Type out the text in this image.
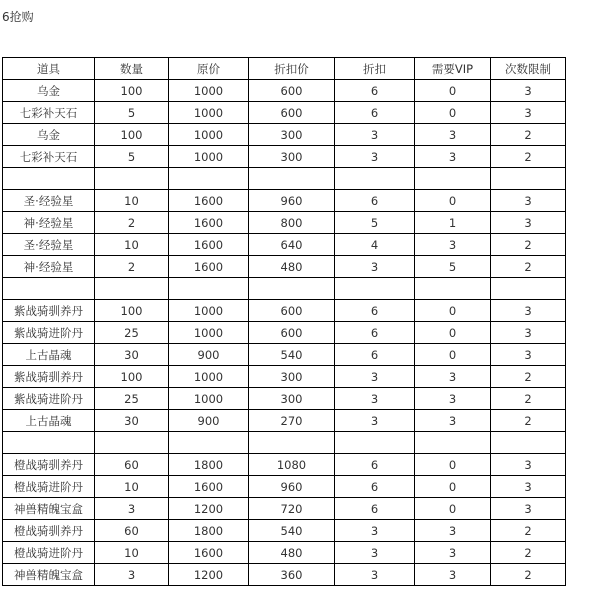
6抢购
道具	数量	原价	折扣价	折扣	需要VIP	次数限制
乌金	100	1000	600	6	0	3
七彩补天石	5	1000	600	6	0	3
乌金	100	1000	300	3	3	2
七彩补天石	5	1000	300	3	3	2

圣·经验星	10	1600	960	6	0	3
神·经验星	2	1600	800	5	1	3
圣·经验星	10	1600	640	4	3	2
神·经验星	2	1600	480	3	5	2

紫战骑驯养丹	100	1000	600	6	0	3
紫战骑进阶丹	25	1000	600	6	0	3
上古晶魂	30	900	540	6	0	3
紫战骑驯养丹	100	1000	300	3	3	2
紫战骑进阶丹	25	1000	300	3	3	2
上古晶魂	30	900	270	3	3	2

橙战骑驯养丹	60	1800	1080	6	0	3
橙战骑进阶丹	10	1600	960	6	0	3
神兽精魄宝盒	3	1200	720	6	0	3
橙战骑驯养丹	60	1800	540	3	3	2
橙战骑进阶丹	10	1600	480	3	3	2
神兽精魄宝盒	3	1200	360	3	3	2
